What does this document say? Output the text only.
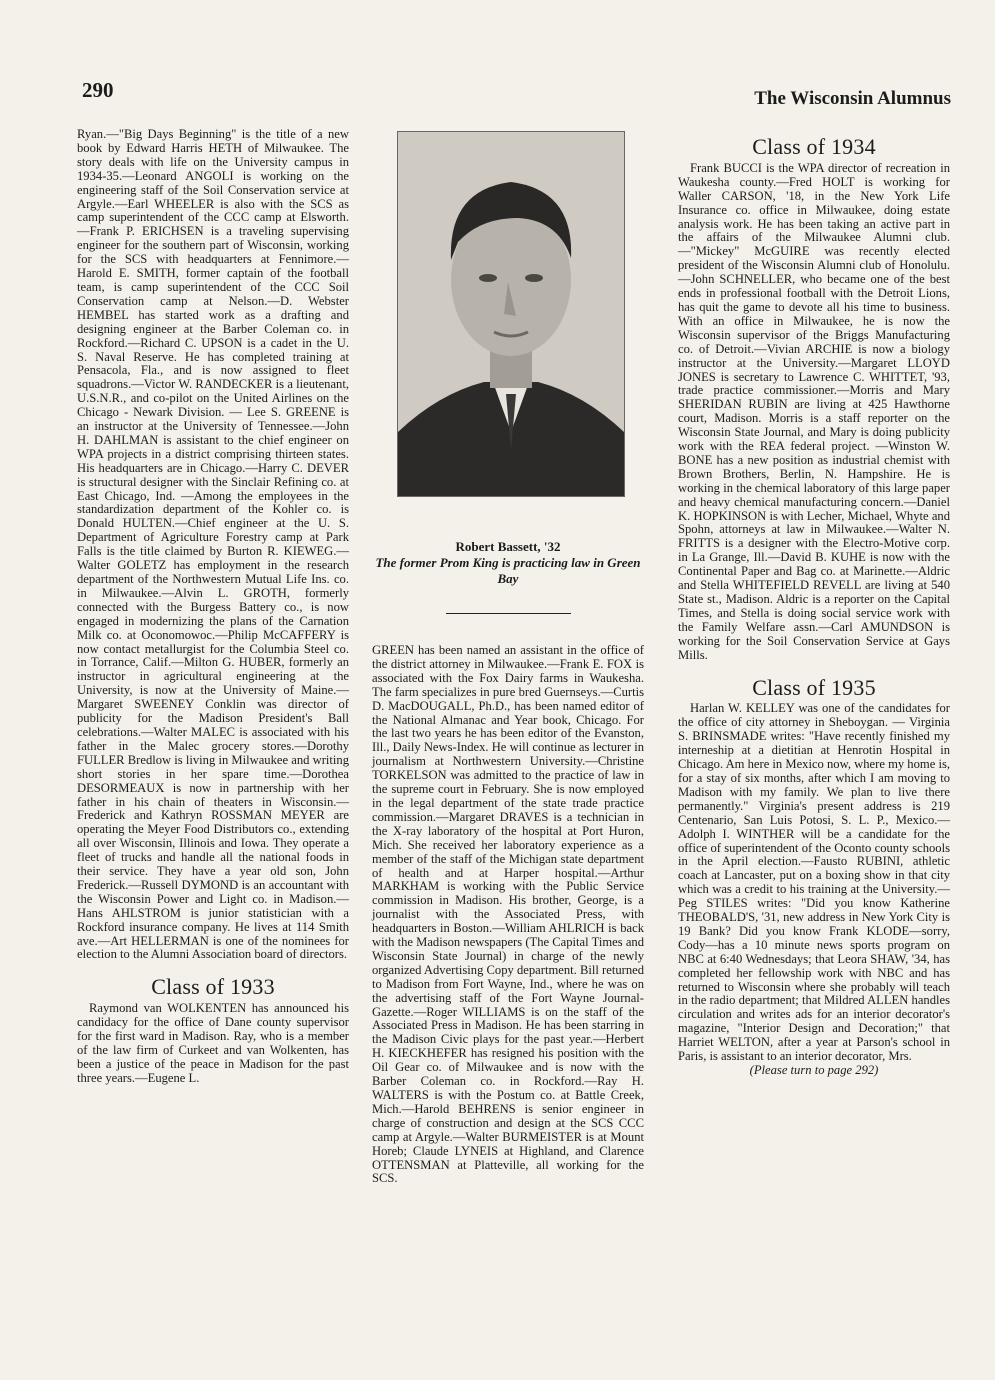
290	The Wisconsin Alumnus

Ryan.—"Big Days Beginning" is the title of a new book by Edward Harris HETH of Milwaukee. The story deals with life on the University campus in 1934-35.—Leonard ANGOLI is working on the engineering staff of the Soil Conservation service at Argyle.—Earl WHEELER is also with the SCS as camp superintendent of the CCC camp at Elsworth.—Frank P. ERICHSEN is a traveling supervising engineer for the southern part of Wisconsin, working for the SCS with headquarters at Fennimore.—Harold E. SMITH, former captain of the football team, is camp superintendent of the CCC Soil Conservation camp at Nelson.—D. Webster HEMBEL has started work as a drafting and designing engineer at the Barber Coleman co. in Rockford.—Richard C. UPSON is a cadet in the U. S. Naval Reserve. He has completed training at Pensacola, Fla., and is now assigned to fleet squadrons.—Victor W. RANDECKER is a lieutenant, U.S.N.R., and co-pilot on the United Airlines on the Chicago - Newark Division. — Lee S. GREENE is an instructor at the University of Tennessee.—John H. DAHLMAN is assistant to the chief engineer on WPA projects in a district comprising thirteen states. His headquarters are in Chicago.—Harry C. DEVER is structural designer with the Sinclair Refining co. at East Chicago, Ind. —Among the employees in the standardization department of the Kohler co. is Donald HULTEN.—Chief engineer at the U. S. Department of Agriculture Forestry camp at Park Falls is the title claimed by Burton R. KIEWEG.—Walter GOLETZ has employment in the research department of the Northwestern Mutual Life Ins. co. in Milwaukee.—Alvin L. GROTH, formerly connected with the Burgess Battery co., is now engaged in modernizing the plans of the Carnation Milk co. at Oconomowoc.—Philip McCAFFERY is now contact metallurgist for the Columbia Steel co. in Torrance, Calif.—Milton G. HUBER, formerly an instructor in agricultural engineering at the University, is now at the University of Maine.—Margaret SWEENEY Conklin was director of publicity for the Madison President's Ball celebrations.—Walter MALEC is associated with his father in the Malec grocery stores.—Dorothy FULLER Bredlow is living in Milwaukee and writing short stories in her spare time.—Dorothea DESORMEAUX is now in partnership with her father in his chain of theaters in Wisconsin.—Frederick and Kathryn ROSSMAN MEYER are operating the Meyer Food Distributors co., extending all over Wisconsin, Illinois and Iowa. They operate a fleet of trucks and handle all the national foods in their service. They have a year old son, John Frederick.—Russell DYMOND is an accountant with the Wisconsin Power and Light co. in Madison.—Hans AHLSTROM is junior statistician with a Rockford insurance company. He lives at 114 Smith ave.—Art HELLERMAN is one of the nominees for election to the Alumni Association board of directors.

Class of 1933

Raymond van WOLKENTEN has announced his candidacy for the office of Dane county supervisor for the first ward in Madison. Ray, who is a member of the law firm of Curkeet and van Wolkenten, has been a justice of the peace in Madison for the past three years.—Eugene L.

Robert Bassett, '32
The former Prom King is practicing law in Green Bay

GREEN has been named an assistant in the office of the district attorney in Milwaukee.—Frank E. FOX is associated with the Fox Dairy farms in Waukesha. The farm specializes in pure bred Guernseys.—Curtis D. MacDOUGALL, Ph.D., has been named editor of the National Almanac and Year book, Chicago. For the last two years he has been editor of the Evanston, Ill., Daily News-Index. He will continue as lecturer in journalism at Northwestern University.—Christine TORKELSON was admitted to the practice of law in the supreme court in February. She is now employed in the legal department of the state trade practice commission.—Margaret DRAVES is a technician in the X-ray laboratory of the hospital at Port Huron, Mich. She received her laboratory experience as a member of the staff of the Michigan state department of health and at Harper hospital.—Arthur MARKHAM is working with the Public Service commission in Madison. His brother, George, is a journalist with the Associated Press, with headquarters in Boston.—William AHLRICH is back with the Madison newspapers (The Capital Times and Wisconsin State Journal) in charge of the newly organized Advertising Copy department. Bill returned to Madison from Fort Wayne, Ind., where he was on the advertising staff of the Fort Wayne Journal-Gazette.—Roger WILLIAMS is on the staff of the Associated Press in Madison. He has been starring in the Madison Civic plays for the past year.—Herbert H. KIECKHEFER has resigned his position with the Oil Gear co. of Milwaukee and is now with the Barber Coleman co. in Rockford.—Ray H. WALTERS is with the Postum co. at Battle Creek, Mich.—Harold BEHRENS is senior engineer in charge of construction and design at the SCS CCC camp at Argyle.—Walter BURMEISTER is at Mount Horeb; Claude LYNEIS at Highland, and Clarence OTTENSMAN at Platteville, all working for the SCS.

Class of 1934

Frank BUCCI is the WPA director of recreation in Waukesha county.—Fred HOLT is working for Waller CARSON, '18, in the New York Life Insurance co. office in Milwaukee, doing estate analysis work. He has been taking an active part in the affairs of the Milwaukee Alumni club.—"Mickey" McGUIRE was recently elected president of the Wisconsin Alumni club of Honolulu.—John SCHNELLER, who became one of the best ends in professional football with the Detroit Lions, has quit the game to devote all his time to business. With an office in Milwaukee, he is now the Wisconsin supervisor of the Briggs Manufacturing co. of Detroit.—Vivian ARCHIE is now a biology instructor at the University.—Margaret LLOYD JONES is secretary to Lawrence C. WHITTET, '93, trade practice commissioner.—Morris and Mary SHERIDAN RUBIN are living at 425 Hawthorne court, Madison. Morris is a staff reporter on the Wisconsin State Journal, and Mary is doing publicity work with the REA federal project. —Winston W. BONE has a new position as industrial chemist with Brown Brothers, Berlin, N. Hampshire. He is working in the chemical laboratory of this large paper and heavy chemical manufacturing concern.—Daniel K. HOPKINSON is with Lecher, Michael, Whyte and Spohn, attorneys at law in Milwaukee.—Walter N. FRITTS is a designer with the Electro-Motive corp. in La Grange, Ill.—David B. KUHE is now with the Continental Paper and Bag co. at Marinette.—Aldric and Stella WHITEFIELD REVELL are living at 540 State st., Madison. Aldric is a reporter on the Capital Times, and Stella is doing social service work with the Family Welfare assn.—Carl AMUNDSON is working for the Soil Conservation Service at Gays Mills.

Class of 1935

Harlan W. KELLEY was one of the candidates for the office of city attorney in Sheboygan. — Virginia S. BRINSMADE writes: "Have recently finished my interneship at a dietitian at Henrotin Hospital in Chicago. Am here in Mexico now, where my home is, for a stay of six months, after which I am moving to Madison with my family. We plan to live there permanently." Virginia's present address is 219 Centenario, San Luis Potosi, S. L. P., Mexico.—Adolph I. WINTHER will be a candidate for the office of superintendent of the Oconto county schools in the April election.—Fausto RUBINI, athletic coach at Lancaster, put on a boxing show in that city which was a credit to his training at the University.—Peg STILES writes: "Did you know Katherine THEOBALD'S, '31, new address in New York City is 19 Bank? Did you know Frank KLODE—sorry, Cody—has a 10 minute news sports program on NBC at 6:40 Wednesdays; that Leora SHAW, '34, has completed her fellowship work with NBC and has returned to Wisconsin where she probably will teach in the radio department; that Mildred ALLEN handles circulation and writes ads for an interior decorator's magazine, "Interior Design and Decoration;" that Harriet WELTON, after a year at Parson's school in Paris, is assistant to an interior decorator, Mrs.

(Please turn to page 292)
